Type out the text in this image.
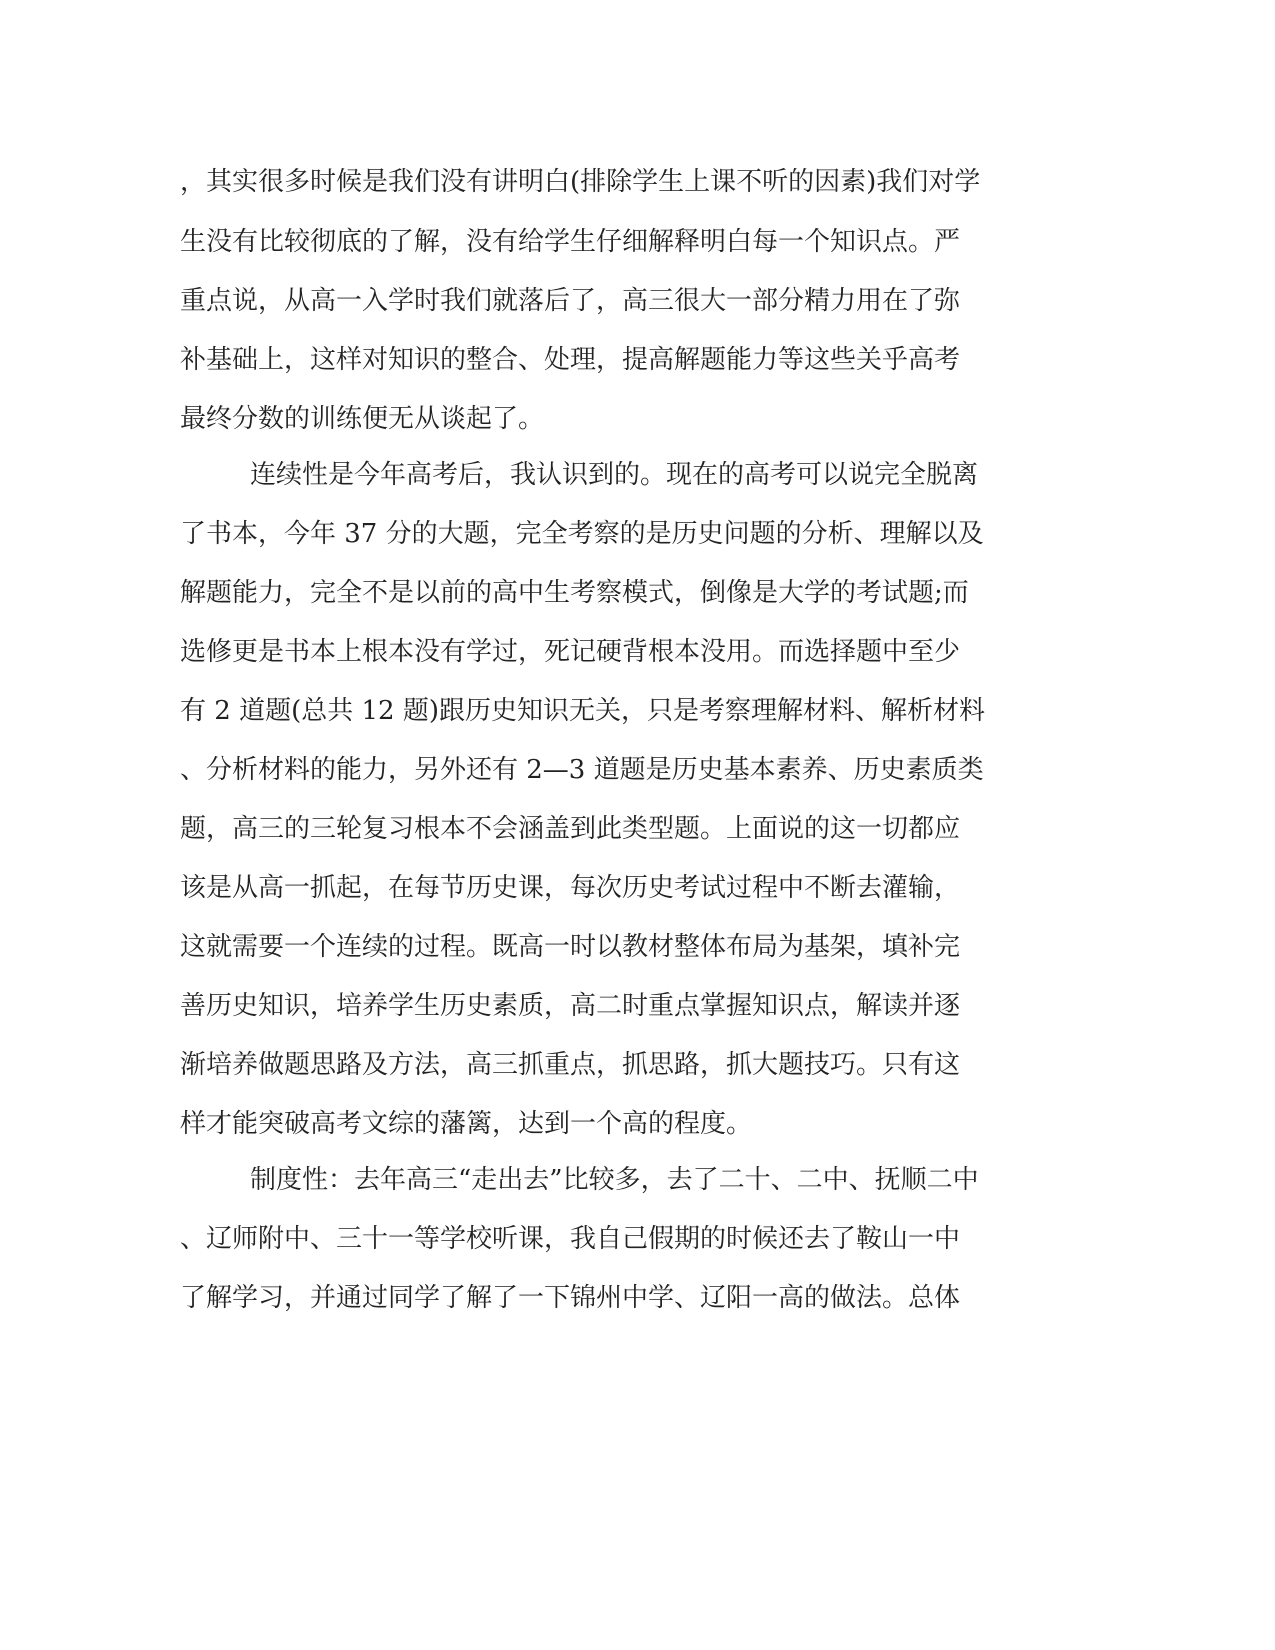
，其实很多时候是我们没有讲明白(排除学生上课不听的因素)我们对学
生没有比较彻底的了解，没有给学生仔细解释明白每一个知识点。严
重点说，从高一入学时我们就落后了，高三很大一部分精力用在了弥
补基础上，这样对知识的整合、处理，提高解题能力等这些关乎高考
最终分数的训练便无从谈起了。
连续性是今年高考后，我认识到的。现在的高考可以说完全脱离
了书本，今年 37 分的大题，完全考察的是历史问题的分析、理解以及
解题能力，完全不是以前的高中生考察模式，倒像是大学的考试题;而
选修更是书本上根本没有学过，死记硬背根本没用。而选择题中至少
有 2 道题(总共 12 题)跟历史知识无关，只是考察理解材料、解析材料
、分析材料的能力，另外还有 2—3 道题是历史基本素养、历史素质类
题，高三的三轮复习根本不会涵盖到此类型题。上面说的这一切都应
该是从高一抓起，在每节历史课，每次历史考试过程中不断去灌输，
这就需要一个连续的过程。既高一时以教材整体布局为基架，填补完
善历史知识，培养学生历史素质，高二时重点掌握知识点，解读并逐
渐培养做题思路及方法，高三抓重点，抓思路，抓大题技巧。只有这
样才能突破高考文综的藩篱，达到一个高的程度。
制度性：去年高三“走出去”比较多，去了二十、二中、抚顺二中
、辽师附中、三十一等学校听课，我自己假期的时候还去了鞍山一中
了解学习，并通过同学了解了一下锦州中学、辽阳一高的做法。总体
